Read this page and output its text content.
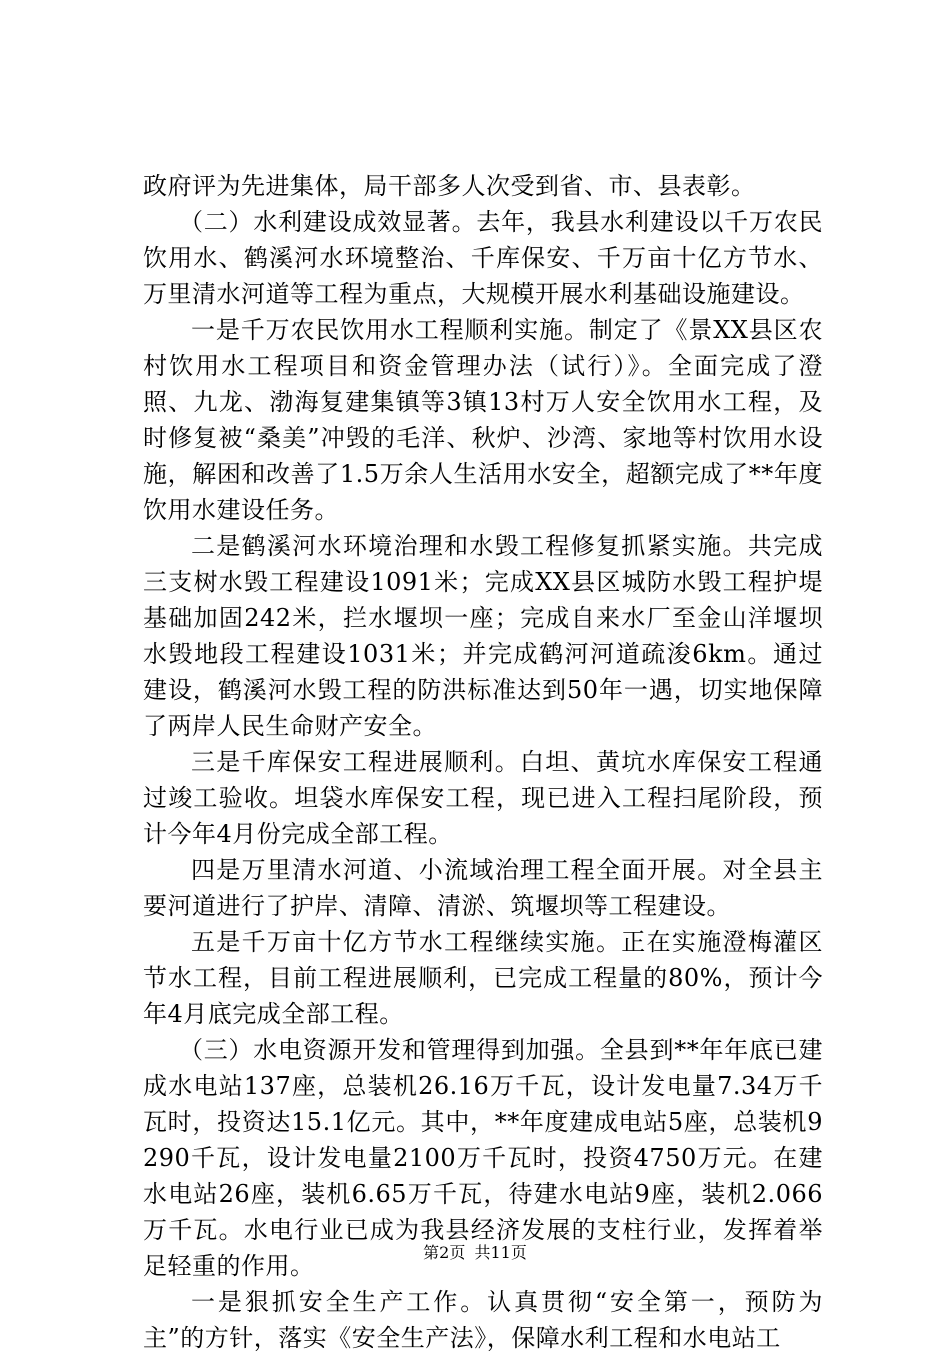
政府评为先进集体，局干部多人次受到省、市、县表彰。

（二）水利建设成效显著。去年，我县水利建设以千万农民饮用水、鹤溪河水环境整治、千库保安、千万亩十亿方节水、万里清水河道等工程为重点，大规模开展水利基础设施建设。

一是千万农民饮用水工程顺利实施。制定了《景XX县区农村饮用水工程项目和资金管理办法（试行）》。全面完成了澄照、九龙、渤海复建集镇等3镇13村万人安全饮用水工程，及时修复被“桑美”冲毁的毛洋、秋炉、沙湾、家地等村饮用水设施，解困和改善了1.5万余人生活用水安全，超额完成了**年度饮用水建设任务。

二是鹤溪河水环境治理和水毁工程修复抓紧实施。共完成三支树水毁工程建设1091米；完成XX县区城防水毁工程护堤基础加固242米，拦水堰坝一座；完成自来水厂至金山洋堰坝水毁地段工程建设1031米；并完成鹤河河道疏浚6km。通过建设，鹤溪河水毁工程的防洪标准达到50年一遇，切实地保障了两岸人民生命财产安全。

三是千库保安工程进展顺利。白坦、黄坑水库保安工程通过竣工验收。坦袋水库保安工程，现已进入工程扫尾阶段，预计今年4月份完成全部工程。

四是万里清水河道、小流域治理工程全面开展。对全县主要河道进行了护岸、清障、清淤、筑堰坝等工程建设。

五是千万亩十亿方节水工程继续实施。正在实施澄梅灌区节水工程，目前工程进展顺利，已完成工程量的80%，预计今年4月底完成全部工程。

（三）水电资源开发和管理得到加强。全县到**年年底已建成水电站137座，总装机26.16万千瓦，设计发电量7.34万千瓦时，投资达15.1亿元。其中，**年度建成电站5座，总装机9290千瓦，设计发电量2100万千瓦时，投资4750万元。在建水电站26座，装机6.65万千瓦，待建水电站9座，装机2.066万千瓦。水电行业已成为我县经济发展的支柱行业，发挥着举足轻重的作用。

一是狠抓安全生产工作。认真贯彻“安全第一，预防为主”的方针，落实《安全生产法》，保障水利工程和水电站工

第2页 共11页
